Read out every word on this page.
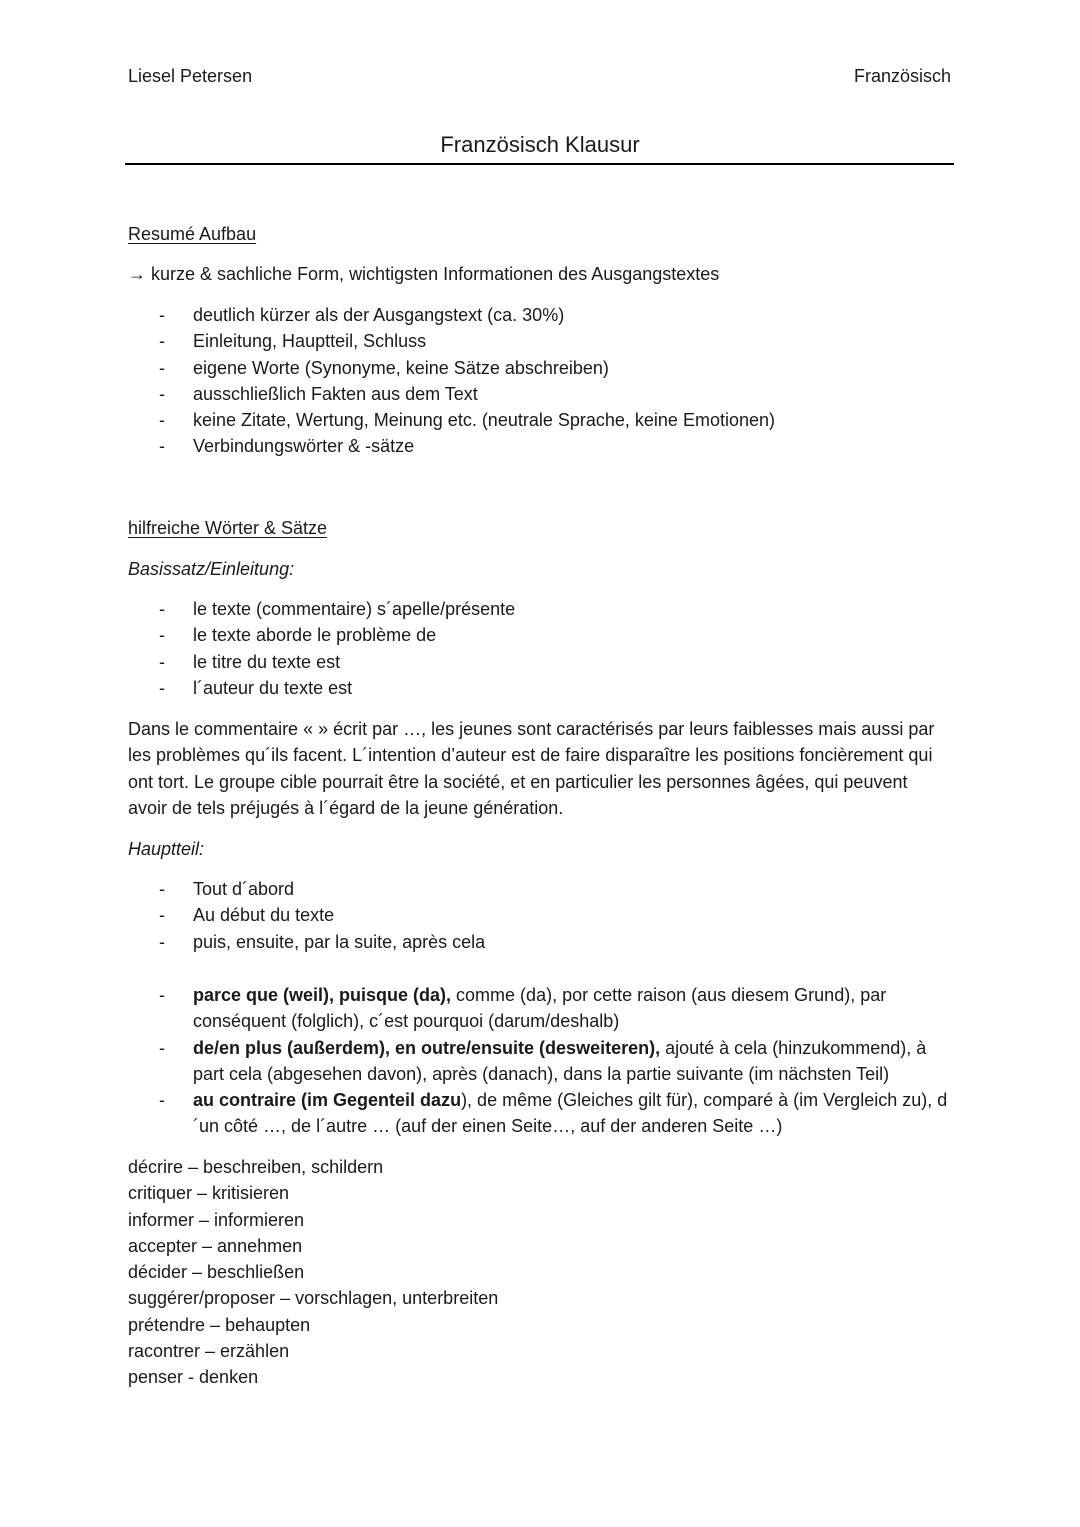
Liesel Petersen	Französisch
Französisch Klausur
Resumé Aufbau
→ kurze & sachliche Form, wichtigsten Informationen des Ausgangstextes
- deutlich kürzer als der Ausgangstext (ca. 30%)
- Einleitung, Hauptteil, Schluss
- eigene Worte (Synonyme, keine Sätze abschreiben)
- ausschließlich Fakten aus dem Text
- keine Zitate, Wertung, Meinung etc. (neutrale Sprache, keine Emotionen)
- Verbindungswörter & -sätze
hilfreiche Wörter & Sätze
Basissatz/Einleitung:
- le texte (commentaire) s´apelle/présente
- le texte aborde le problème de
- le titre du texte est
- l´auteur du texte est
Dans le commentaire « » écrit par …, les jeunes sont caractérisés par leurs faiblesses mais aussi par les problèmes qu´ils facent. L´intention d’auteur est de faire disparaître les positions foncièrement qui ont tort. Le groupe cible pourrait être la société, et en particulier les personnes âgées, qui peuvent avoir de tels préjugés à l´égard de la jeune génération.
Hauptteil:
- Tout d´abord
- Au début du texte
- puis, ensuite, par la suite, après cela
- parce que (weil), puisque (da), comme (da), por cette raison (aus diesem Grund), par conséquent (folglich), c´est pourquoi (darum/deshalb)
- de/en plus (außerdem), en outre/ensuite (desweiteren), ajouté à cela (hinzukommend), à part cela (abgesehen davon), après (danach), dans la partie suivante (im nächsten Teil)
- au contraire (im Gegenteil dazu), de même (Gleiches gilt für), comparé à (im Vergleich zu), d´un côté …, de l´autre … (auf der einen Seite…, auf der anderen Seite …)
décrire – beschreiben, schildern
critiquer – kritisieren
informer – informieren
accepter – annehmen
décider – beschließen
suggérer/proposer – vorschlagen, unterbreiten
prétendre – behaupten
racontrer – erzählen
penser - denken
